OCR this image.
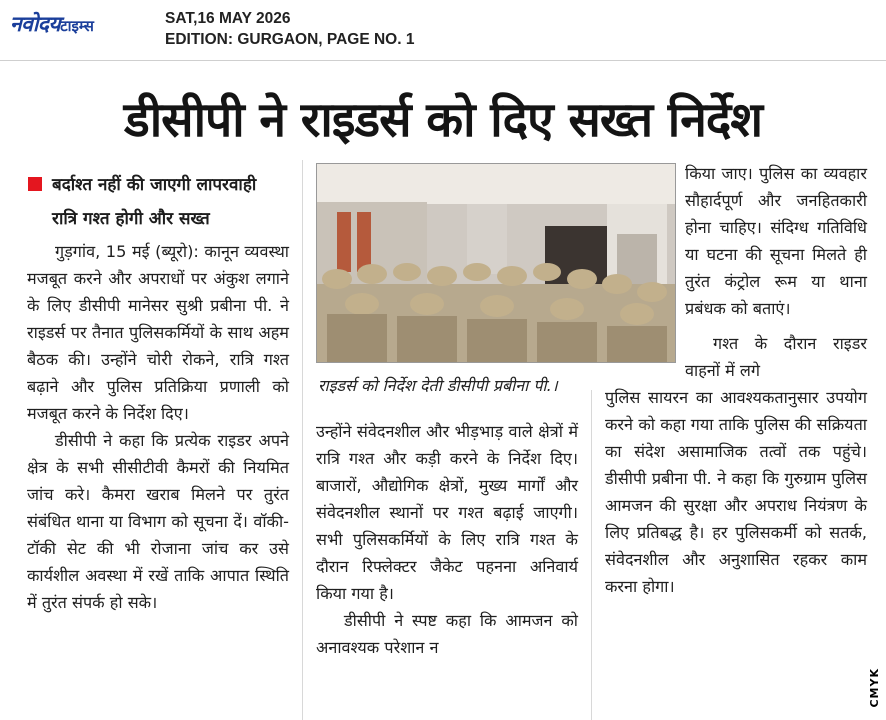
नवोदयटाइम्स	SAT,16 MAY 2026
EDITION: GURGAON, PAGE NO. 1
डीसीपी ने राइडर्स को दिए सख्त निर्देश
बर्दाश्त नहीं की जाएगी लापरवाही
रात्रि गश्त होगी और सख्त

गुड़गांव, 15 मई (ब्यूरो): कानून व्यवस्था मजबूत करने और अपराधों पर अंकुश लगाने के लिए डीसीपी मानेसर सुश्री प्रबीना पी. ने राइडर्स पर तैनात पुलिसकर्मियों के साथ अहम बैठक की। उन्होंने चोरी रोकने, रात्रि गश्त बढ़ाने और पुलिस प्रतिक्रिया प्रणाली को मजबूत करने के निर्देश दिए।

डीसीपी ने कहा कि प्रत्येक राइडर अपने क्षेत्र के सभी सीसीटीवी कैमरों की नियमित जांच करे। कैमरा खराब मिलने पर तुरंत संबंधित थाना या विभाग को सूचना दें। वॉकी-टॉकी सेट की भी रोजाना जांच कर उसे कार्यशील अवस्था में रखें ताकि आपात स्थिति में तुरंत संपर्क हो सके।

राइडर्स को निर्देश देती डीसीपी प्रबीना पी.।

उन्होंने संवेदनशील और भीड़भाड़ वाले क्षेत्रों में रात्रि गश्त और कड़ी करने के निर्देश दिए। बाजारों, औद्योगिक क्षेत्रों, मुख्य मार्गों और संवेदनशील स्थानों पर गश्त बढ़ाई जाएगी। सभी पुलिसकर्मियों के लिए रात्रि गश्त के दौरान रिफ्लेक्टर जैकेट पहनना अनिवार्य किया गया है।

डीसीपी ने स्पष्ट कहा कि आमजन को अनावश्यक परेशान न

किया जाए। पुलिस का व्यवहार सौहार्दपूर्ण और जनहितकारी होना चाहिए। संदिग्ध गतिविधि या घटना की सूचना मिलते ही तुरंत कंट्रोल रूम या थाना प्रबंधक को बताएं।

गश्त के दौरान राइडर वाहनों में लगे

पुलिस सायरन का आवश्यकतानुसार उपयोग करने को कहा गया ताकि पुलिस की सक्रियता का संदेश असामाजिक तत्वों तक पहुंचे। डीसीपी प्रबीना पी. ने कहा कि गुरुग्राम पुलिस आमजन की सुरक्षा और अपराध नियंत्रण के लिए प्रतिबद्ध है। हर पुलिसकर्मी को सतर्क, संवेदनशील और अनुशासित रहकर काम करना होगा।

CMYK
